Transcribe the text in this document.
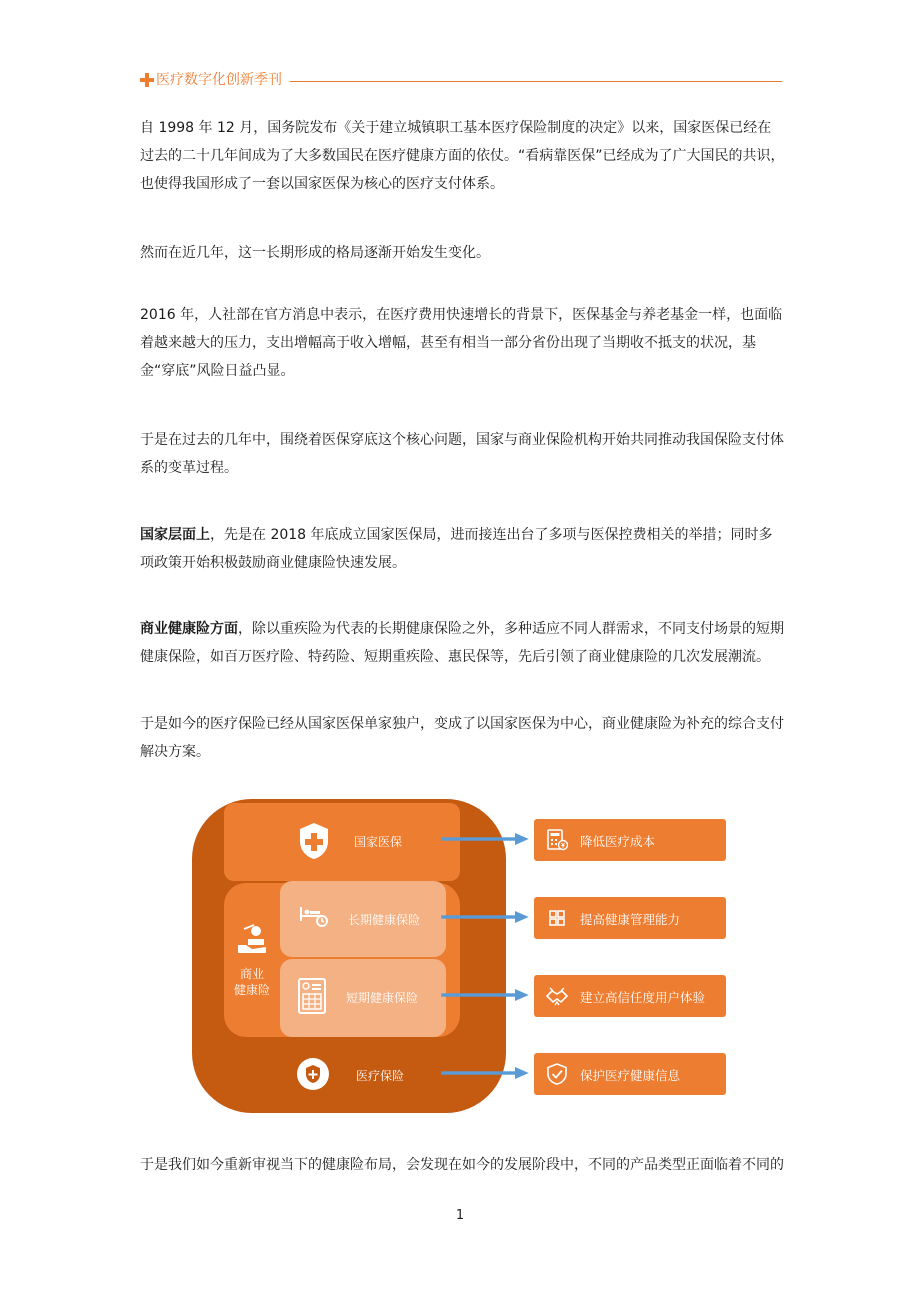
医疗数字化创新季刊
自 1998 年 12 月，国务院发布《关于建立城镇职工基本医疗保险制度的决定》以来，国家医保已经在过去的二十几年间成为了大多数国民在医疗健康方面的依仗。“看病靠医保”已经成为了广大国民的共识，也使得我国形成了一套以国家医保为核心的医疗支付体系。
然而在近几年，这一长期形成的格局逐渐开始发生变化。
2016 年，人社部在官方消息中表示，在医疗费用快速增长的背景下，医保基金与养老基金一样，也面临着越来越大的压力，支出增幅高于收入增幅，甚至有相当一部分省份出现了当期收不抵支的状况，基金“穿底”风险日益凸显。
于是在过去的几年中，围绕着医保穿底这个核心问题，国家与商业保险机构开始共同推动我国保险支付体系的变革过程。
国家层面上，先是在 2018 年底成立国家医保局，进而接连出台了多项与医保控费相关的举措；同时多项政策开始积极鼓励商业健康险快速发展。
商业健康险方面，除以重疾险为代表的长期健康保险之外，多种适应不同人群需求，不同支付场景的短期健康保险，如百万医疗险、特药险、短期重疾险、惠民保等，先后引领了商业健康险的几次发展潮流。
于是如今的医疗保险已经从国家医保单家独户，变成了以国家医保为中心，商业健康险为补充的综合支付解决方案。
国家医保
商业
健康险
长期健康保险
短期健康保险
医疗保险
降低医疗成本
提高健康管理能力
建立高信任度用户体验
保护医疗健康信息
于是我们如今重新审视当下的健康险布局，会发现在如今的发展阶段中，不同的产品类型正面临着不同的
1
